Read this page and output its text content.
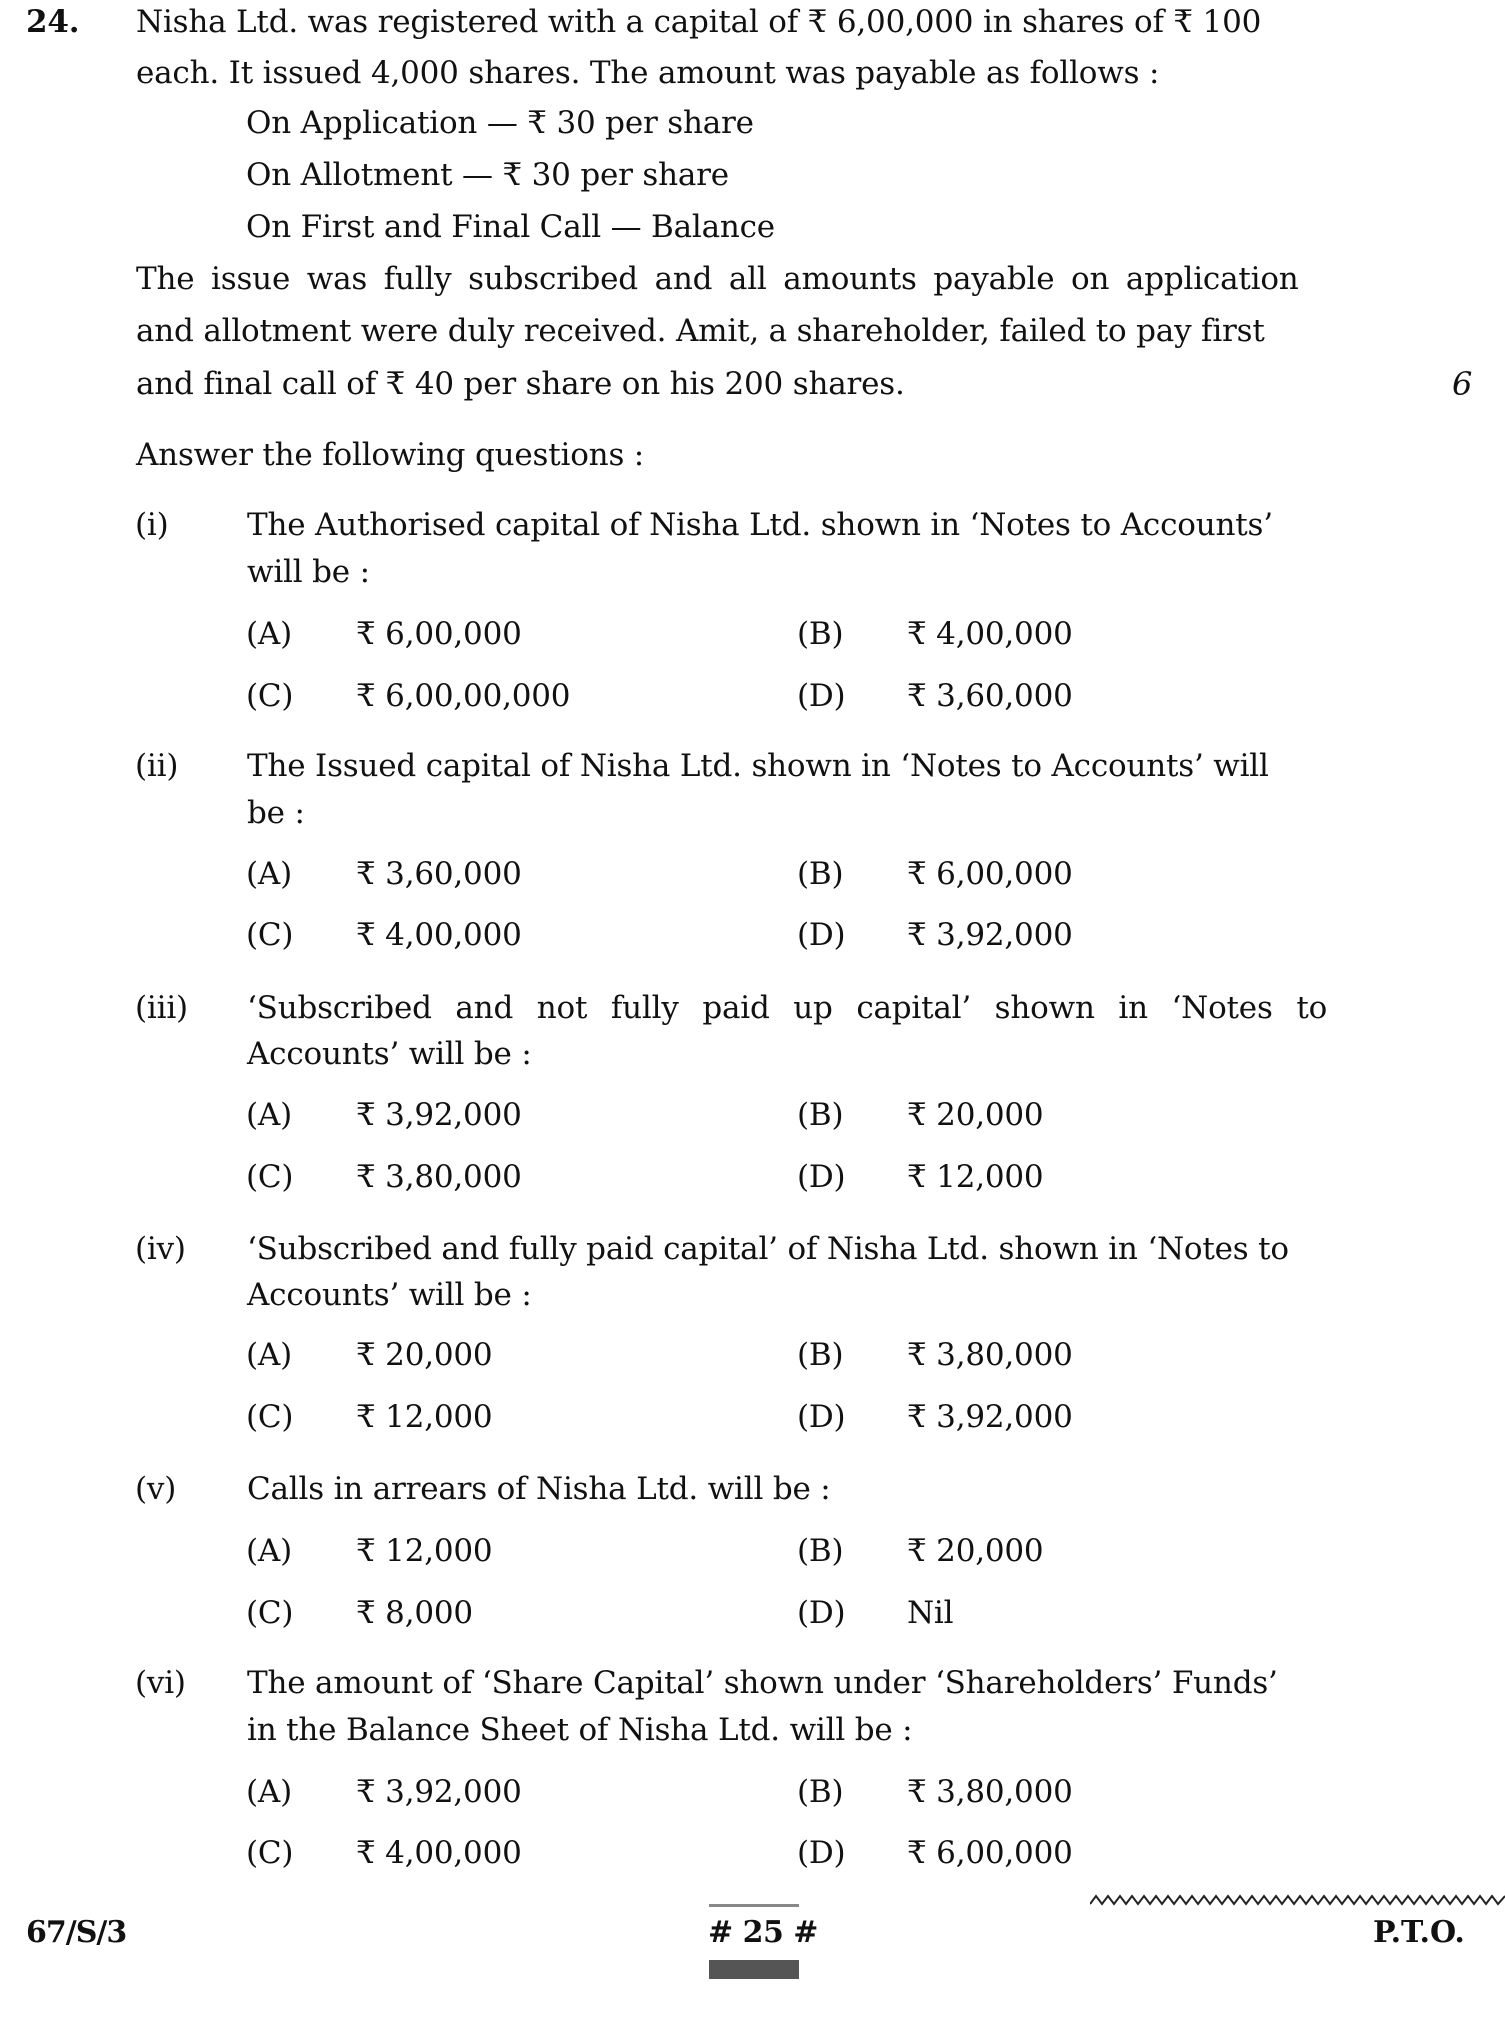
24. Nisha Ltd. was registered with a capital of ₹ 6,00,000 in shares of ₹ 100
each. It issued 4,000 shares. The amount was payable as follows :
On Application — ₹ 30 per share
On Allotment — ₹ 30 per share
On First and Final Call — Balance
The issue was fully subscribed and all amounts payable on application
and allotment were duly received. Amit, a shareholder, failed to pay first
and final call of ₹ 40 per share on his 200 shares.	6
Answer the following questions :
(i)	The Authorised capital of Nisha Ltd. shown in ‘Notes to Accounts’
will be :
(A) ₹ 6,00,000	(B) ₹ 4,00,000
(C) ₹ 6,00,00,000	(D) ₹ 3,60,000
(ii) The Issued capital of Nisha Ltd. shown in ‘Notes to Accounts’ will
be :
(A) ₹ 3,60,000	(B) ₹ 6,00,000
(C) ₹ 4,00,000	(D) ₹ 3,92,000
(iii) ‘Subscribed and not fully paid up capital’ shown in ‘Notes to
Accounts’ will be :
(A) ₹ 3,92,000	(B) ₹ 20,000
(C) ₹ 3,80,000	(D) ₹ 12,000
(iv) ‘Subscribed and fully paid capital’ of Nisha Ltd. shown in ‘Notes to
Accounts’ will be :
(A) ₹ 20,000	(B) ₹ 3,80,000
(C) ₹ 12,000	(D) ₹ 3,92,000
(v) Calls in arrears of Nisha Ltd. will be :
(A) ₹ 12,000	(B) ₹ 20,000
(C) ₹ 8,000	(D) Nil
(vi) The amount of ‘Share Capital’ shown under ‘Shareholders’ Funds’
in the Balance Sheet of Nisha Ltd. will be :
(A) ₹ 3,92,000	(B) ₹ 3,80,000
(C) ₹ 4,00,000	(D) ₹ 6,00,000
67/S/3	# 25 #	P.T.O.
